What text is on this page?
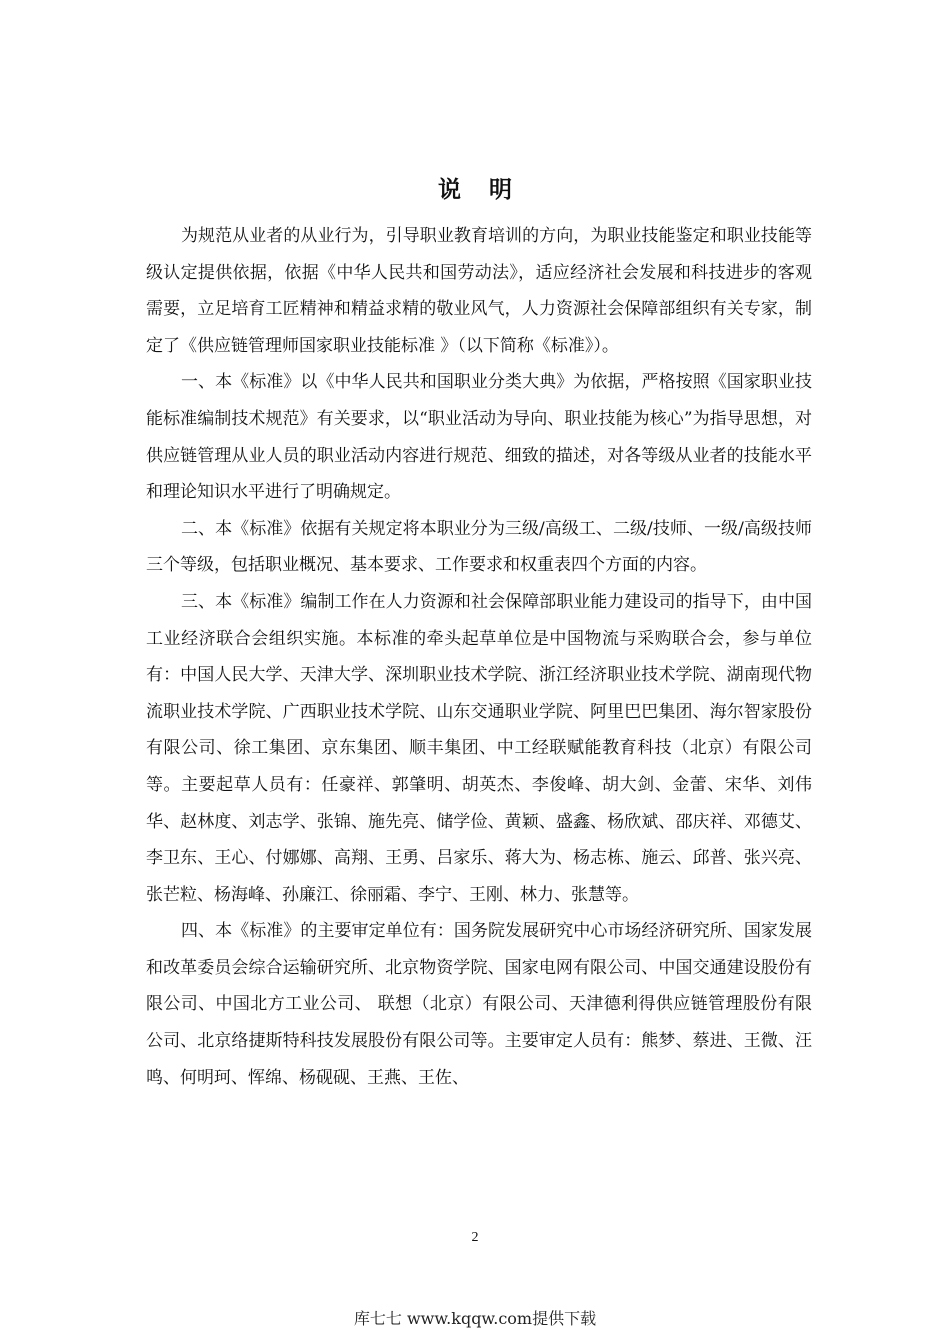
说明

为规范从业者的从业行为，引导职业教育培训的方向，为职业技能鉴定和职业技能等级认定提供依据，依据《中华人民共和国劳动法》，适应经济社会发展和科技进步的客观需要，立足培育工匠精神和精益求精的敬业风气，人力资源社会保障部组织有关专家，制定了《供应链管理师国家职业技能标准 》（以下简称《标准》）。

一、本《标准》以《中华人民共和国职业分类大典》为依据，严格按照《国家职业技能标准编制技术规范》有关要求，以“职业活动为导向、职业技能为核心”为指导思想，对供应链管理从业人员的职业活动内容进行规范、细致的描述，对各等级从业者的技能水平和理论知识水平进行了明确规定。

二、本《标准》依据有关规定将本职业分为三级/高级工、二级/技师、一级/高级技师三个等级，包括职业概况、基本要求、工作要求和权重表四个方面的内容。

三、本《标准》编制工作在人力资源和社会保障部职业能力建设司的指导下，由中国工业经济联合会组织实施。本标准的牵头起草单位是中国物流与采购联合会，参与单位有：中国人民大学、天津大学、深圳职业技术学院、浙江经济职业技术学院、湖南现代物流职业技术学院、广西职业技术学院、山东交通职业学院、阿里巴巴集团、海尔智家股份有限公司、徐工集团、京东集团、顺丰集团、中工经联赋能教育科技（北京）有限公司等。主要起草人员有：任豪祥、郭肇明、胡英杰、李俊峰、胡大剑、金蕾、宋华、刘伟华、赵林度、刘志学、张锦、施先亮、储学俭、黄颖、盛鑫、杨欣斌、邵庆祥、邓德艾、李卫东、王心、付娜娜、高翔、王勇、吕家乐、蒋大为、杨志栋、施云、邱普、张兴亮、张芒粒、杨海峰、孙廉江、徐丽霜、李宁、王刚、林力、张慧等。

四、本《标准》的主要审定单位有：国务院发展研究中心市场经济研究所、国家发展和改革委员会综合运输研究所、北京物资学院、国家电网有限公司、中国交通建设股份有限公司、中国北方工业公司、 联想（北京）有限公司、天津德利得供应链管理股份有限公司、北京络捷斯特科技发展股份有限公司等。主要审定人员有：熊梦、蔡进、王微、汪鸣、何明珂、恽绵、杨砚砚、王燕、王佐、

2
库七七 www.kqqw.com提供下载
